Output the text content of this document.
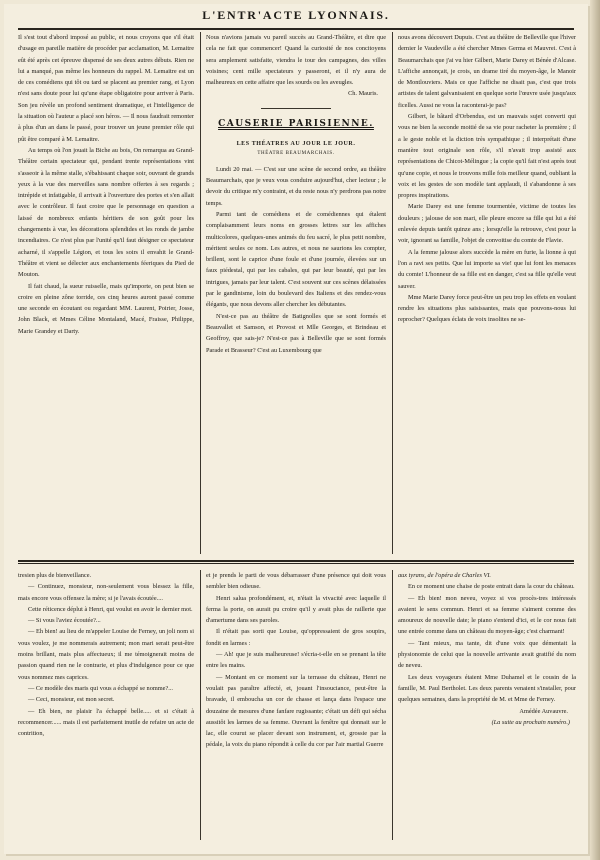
L'ENTR'ACTE LYONNAIS.

Il s'est tout d'abord imposé au public, et nous croyons que s'il était d'usage en pareille matière de procéder par acclamation, M. Lemaitre eût été après cet épreuve dispensé de ses deux autres débuts. Rien ne lui a manqué, pas même les honneurs du rappel. M. Lemaitre est un de ces comédiens qui tôt ou tard se placent au premier rang, et Lyon n'est sans doute pour lui qu'une étape obligatoire pour arriver à Paris. Son jeu révèle un profond sentiment dramatique, et l'intelligence de la situation où l'auteur a placé son héros. — Il nous faudrait remonter à plus d'un an dans le passé, pour trouver un jeune premier rôle qui pût être comparé à M. Lemaitre.

Au temps où l'on jouait la Biche au bois, On remarqua au Grand-Théâtre certain spectateur qui, pendant trente représentations vint s'asseoir à la même stalle, s'ébahissant chaque soir, ouvrant de grands yeux à la vue des merveilles sans nombre offertes à ses regards ; intrépide et infatigable, il arrivait à l'ouverture des portes et s'en allait avec le contrôleur. Il faut croire que le personnage en question a laissé de nombreux enfants héritiers de son goût pour les changements à vue, les décorations splendides et les ronds de jambe incendiaires. Ce n'est plus par l'unité qu'il faut désigner ce spectateur acharné, il s'appelle Légion, et tous les soirs il envahit le Grand-Théâtre et vient se délecter aux enchantements féeriques du Pied de Mouton.

Il fait chaud, la sueur ruisselle, mais qu'importe, on peut bien se croire en pleine zône torride, ces cinq heures auront passé comme une seconde en écoutant ou regardant MM. Laurent, Poirier, Josse, John Black, et Mmes Céline Montaland, Macé, Fraisse, Philippe, Marie Grandey et Darty.

Nous n'avions jamais vu pareil succès au Grand-Théâtre, et dire que cela ne fait que commencer! Quand la curiosité de nos concitoyens sera amplement satisfaite, viendra le tour des campagnes, des villes voisines; cent mille spectateurs y passeront, et il n'y aura de malheureux en cette affaire que les sourds ou les aveugles.

Ch. Mauris.
CAUSERIE PARISIENNE.
LES THÉATRES AU JOUR LE JOUR.
THÉATRE BEAUMARCHAIS.

Lundi 20 mai. — C'est sur une scène de second ordre, au théâtre Beaumarchais, que je veux vous conduire aujourd'hui, cher lecteur ; le devoir du critique m'y contraint, et du reste nous n'y perdrons pas notre temps.

Parmi tant de comédiens et de comédiennes qui étalent complaisamment leurs noms en grosses lettres sur les affiches multicolores, quelques-unes animés du feu sacré, le plus petit nombre, méritent seules ce nom. Les autres, et nous ne saurions les compter, brillent, sont le caprice d'une foule et d'une journée, élevées sur un faux piédestal, qui par les cabales, qui par leur beauté, qui par les intrigues, jamais par leur talent. C'est souvent sur ces scènes délaissées par le gandinisme, loin du boulevard des Italiens et des rendez-vous élégants, que nous devons aller chercher les débutantes.

N'est-ce pas au théâtre de Batignolles que se sont formés et Beauvallet et Samson, et Provost et Mlle Georges, et Brindeau et Geoffroy, que sais-je? N'est-ce pas à Belleville que se sont formés Parade et Brasseur? C'est au Luxembourg que

nous avons découvert Dupuis. C'est au théâtre de Belleville que l'hiver dernier le Vaudeville a été chercher Mmes Germa et Mauvrei. C'est à Beaumarchais que j'ai vu hier Gilbert, Marie Darey et Bénée d'Alcase. L'affiche annonçait, je crois, un drame tiré du moyen-âge, le Manoir de Montlouviers. Mais ce que l'affiche ne disait pas, c'est que trois artistes de talent galvanisaient en quelque sorte l'œuvre usée jusqu'aux ficelles. Aussi ne vous la raconterai-je pas?

Gilbert, le bâtard d'Orbendus, est un mauvais sujet converti qui vous ne bien la seconde moitié de sa vie pour racheter la première ; il a le geste noble et la diction très sympathique ; il interprétait d'une manière tout originale son rôle, s'il n'avait trop assisté aux représentations de Chicot-Mélingue ; la copie qu'il fait n'est après tout qu'une copie, et nous le trouvons mille fois meilleur quand, oubliant la voix et les gestes de son modèle tant applaudi, il s'abandonne à ses propres inspirations.

Marie Darey est une femme tourmentée, victime de toutes les douleurs ; jalouse de son mari, elle pleure encore sa fille qui lui a été enlevée depuis tantôt quinze ans ; lorsqu'elle la retrouve, c'est pour la voir, ignorant sa famille, l'objet de convoitise du comte de Flavie.

A la femme jalouse alors succède la mère en furie, la lionne à qui l'on a ravi ses petits. Que lui importe sa vie! que lui font les menaces du comte! L'honneur de sa fille est en danger, c'est sa fille qu'elle veut sauver.

Mme Marie Darey force peut-être un peu trop les effets en voulant rendre les situations plus saisissantes, mais que pouvons-nous lui reprocher? Quelques éclats de voix insolites ne se-

tresien plus de bienveillance.

— Continuez, monsieur, non-seulement vous blessez la fille, mais encore vous offensez la mère; si je l'avais écoutée....

Cette réticence déplut à Henri, qui voulut en avoir le dernier mot.

— Si vous l'aviez écoutée?...

— Eh bien! au lieu de m'appeler Louise de Ferney, un joli nom si vous voulez, je me nommerais autrement; mon mari serait peut-être moins brillant, mais plus affectueux; il me témoignerait moins de passion quand rien ne le contrarie, et plus d'indulgence pour ce que vous nommez mes caprices.

— Ce modèle des maris qui vous a échappé se nomme?...

— Ceci, monsieur, est mon secret.

— Eh bien, ne plaisir l'a échappé belle..... et si c'était à recommencer...... mais il est parfaitement inutile de refaire un acte de contrition,

et je prends le parti de vous débarrasser d'une présence qui doit vous sembler bien odieuse.

Henri salua profondément, et, n'était la vivacité avec laquelle il ferma la porte, on aurait pu croire qu'il y avait plus de raillerie que d'amertume dans ses paroles.

Il n'était pas sorti que Louise, qu'oppressaient de gros soupirs, fondit en larmes :

— Ah! que je suis malheureuse! s'écria-t-elle en se prenant la tête entre les mains.

— Montant en ce moment sur la terrasse du château, Henri ne voulait pas paraître affecté, et, jouant l'insouciance, peut-être la bravade, il emboucha un cor de chasse et lança dans l'espace une douzaine de mesures d'une fanfare rugissante; c'était un défi qui sécha aussitôt les larmes de sa femme. Ouvrant la fenêtre qui donnait sur le lac, elle courut se placer devant son instrument, et, grossie par la pédale, la voix du piano répondit à celle du cor par l'air martial Guerre

aux tyrans, de l'opéra de Charles VI.

En ce moment une chaise de poste entrait dans la cour du château.

— Eh bien! mon neveu, voyez si vos procès-tres intéressés avaient le sens commun. Henri et sa femme s'aiment comme des amoureux de nouvelle date; le piano s'entend d'ici, et le cor nous fait une entrée comme dans un château du moyen-âge; c'est charmant!

— Tant mieux, ma tante, dit d'une voix que démentait la physionomie de celui que la nouvelle arrivante avait gratifié du nom de neveu.

Les deux voyageurs étaient Mme Duhamel et le cousin de la famille, M. Paul Bertholet. Les deux parents venaient s'installer, pour quelques semaines, dans la propriété de M. et Mme de Ferney.

Amédée Auvauvre.
(La suite au prochain numéro.)
